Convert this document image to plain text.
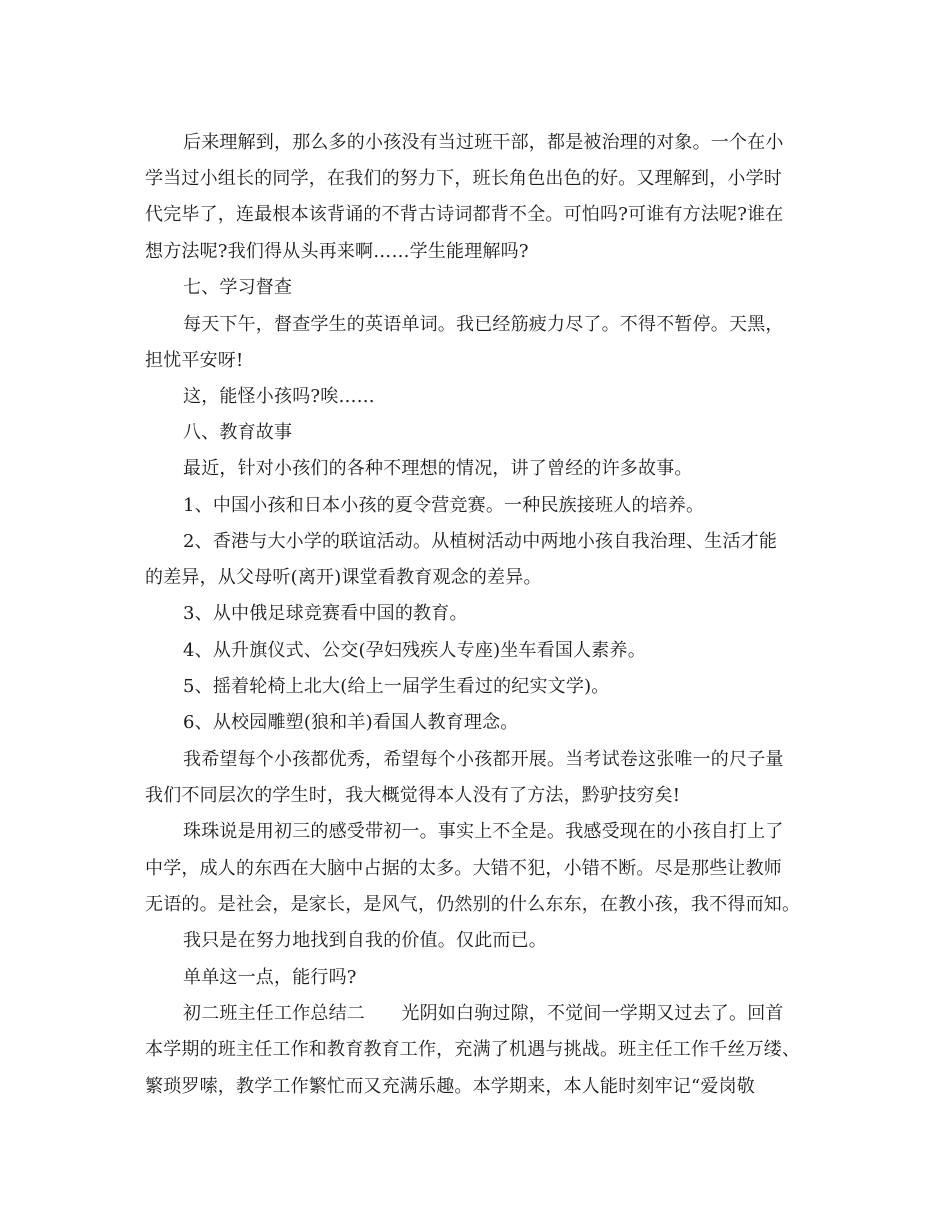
后来理解到，那么多的小孩没有当过班干部，都是被治理的对象。一个在小
学当过小组长的同学，在我们的努力下，班长角色出色的好。又理解到，小学时
代完毕了，连最根本该背诵的不背古诗词都背不全。可怕吗?可谁有方法呢?谁在
想方法呢?我们得从头再来啊……学生能理解吗?
七、学习督查
每天下午，督查学生的英语单词。我已经筋疲力尽了。不得不暂停。天黑，
担忧平安呀!
这，能怪小孩吗?唉……
八、教育故事
最近，针对小孩们的各种不理想的情况，讲了曾经的许多故事。
1、中国小孩和日本小孩的夏令营竞赛。一种民族接班人的培养。
2、香港与大小学的联谊活动。从植树活动中两地小孩自我治理、生活才能
的差异，从父母听(离开)课堂看教育观念的差异。
3、从中俄足球竞赛看中国的教育。
4、从升旗仪式、公交(孕妇残疾人专座)坐车看国人素养。
5、摇着轮椅上北大(给上一届学生看过的纪实文学)。
6、从校园雕塑(狼和羊)看国人教育理念。
我希望每个小孩都优秀，希望每个小孩都开展。当考试卷这张唯一的尺子量
我们不同层次的学生时，我大概觉得本人没有了方法，黔驴技穷矣!
珠珠说是用初三的感受带初一。事实上不全是。我感受现在的小孩自打上了
中学，成人的东西在大脑中占据的太多。大错不犯，小错不断。尽是那些让教师
无语的。是社会，是家长，是风气，仍然别的什么东东，在教小孩，我不得而知。
我只是在努力地找到自我的价值。仅此而已。
单单这一点，能行吗?
初二班主任工作总结二　　光阴如白驹过隙，不觉间一学期又过去了。回首
本学期的班主任工作和教育教育工作，充满了机遇与挑战。班主任工作千丝万缕、
繁琐罗嗦，教学工作繁忙而又充满乐趣。本学期来，本人能时刻牢记“爱岗敬
